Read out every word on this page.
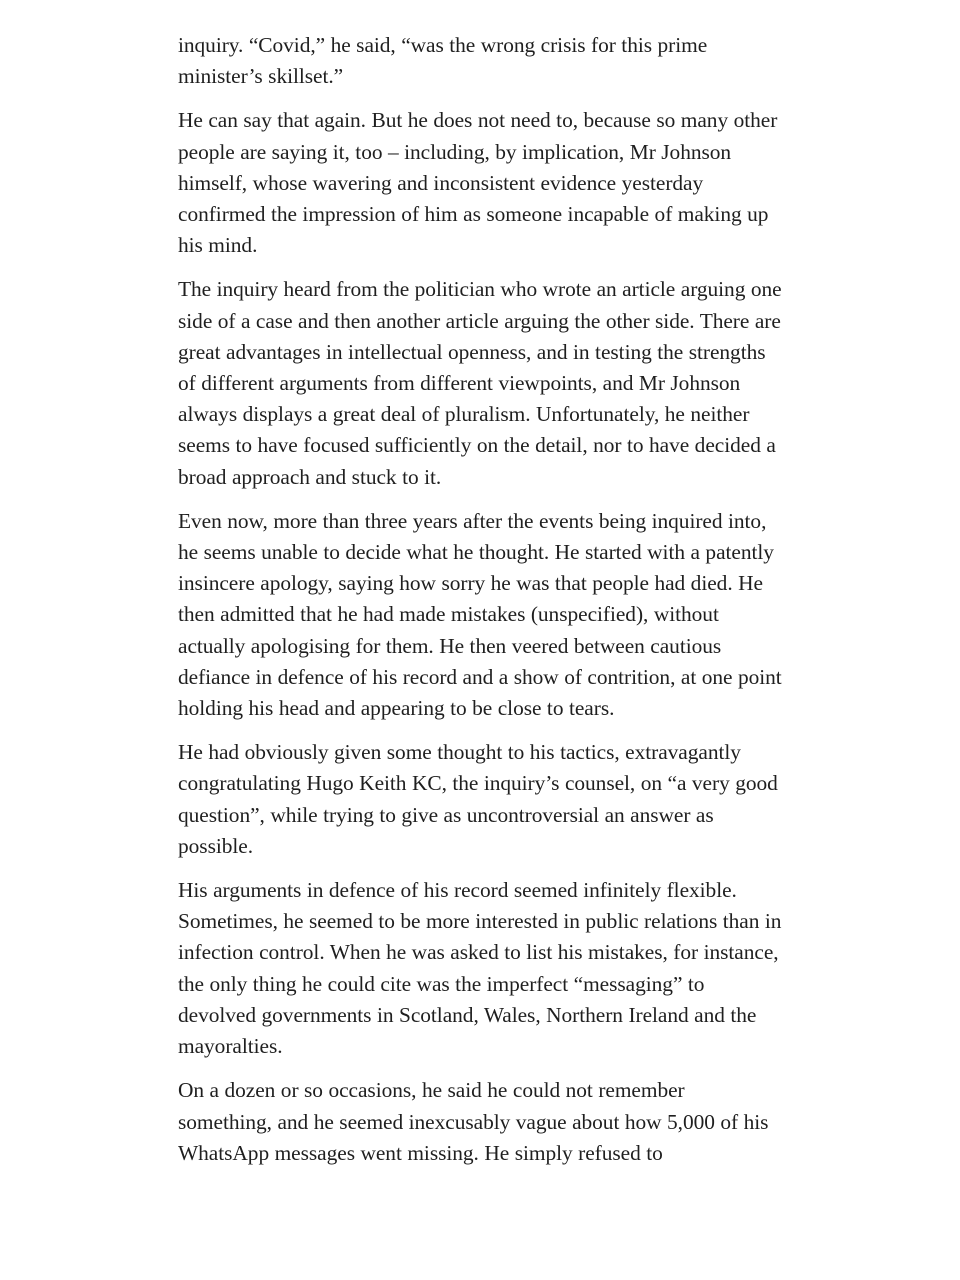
inquiry. “Covid,” he said, “was the wrong crisis for this prime minister’s skillset.”

He can say that again. But he does not need to, because so many other people are saying it, too – including, by implication, Mr Johnson himself, whose wavering and inconsistent evidence yesterday confirmed the impression of him as someone incapable of making up his mind.

The inquiry heard from the politician who wrote an article arguing one side of a case and then another article arguing the other side. There are great advantages in intellectual openness, and in testing the strengths of different arguments from different viewpoints, and Mr Johnson always displays a great deal of pluralism. Unfortunately, he neither seems to have focused sufficiently on the detail, nor to have decided a broad approach and stuck to it.

Even now, more than three years after the events being inquired into, he seems unable to decide what he thought. He started with a patently insincere apology, saying how sorry he was that people had died. He then admitted that he had made mistakes (unspecified), without actually apologising for them. He then veered between cautious defiance in defence of his record and a show of contrition, at one point holding his head and appearing to be close to tears.

He had obviously given some thought to his tactics, extravagantly congratulating Hugo Keith KC, the inquiry’s counsel, on “a very good question”, while trying to give as uncontroversial an answer as possible.

His arguments in defence of his record seemed infinitely flexible. Sometimes, he seemed to be more interested in public relations than in infection control. When he was asked to list his mistakes, for instance, the only thing he could cite was the imperfect “messaging” to devolved governments in Scotland, Wales, Northern Ireland and the mayoralties.

On a dozen or so occasions, he said he could not remember something, and he seemed inexcusably vague about how 5,000 of his WhatsApp messages went missing. He simply refused to
